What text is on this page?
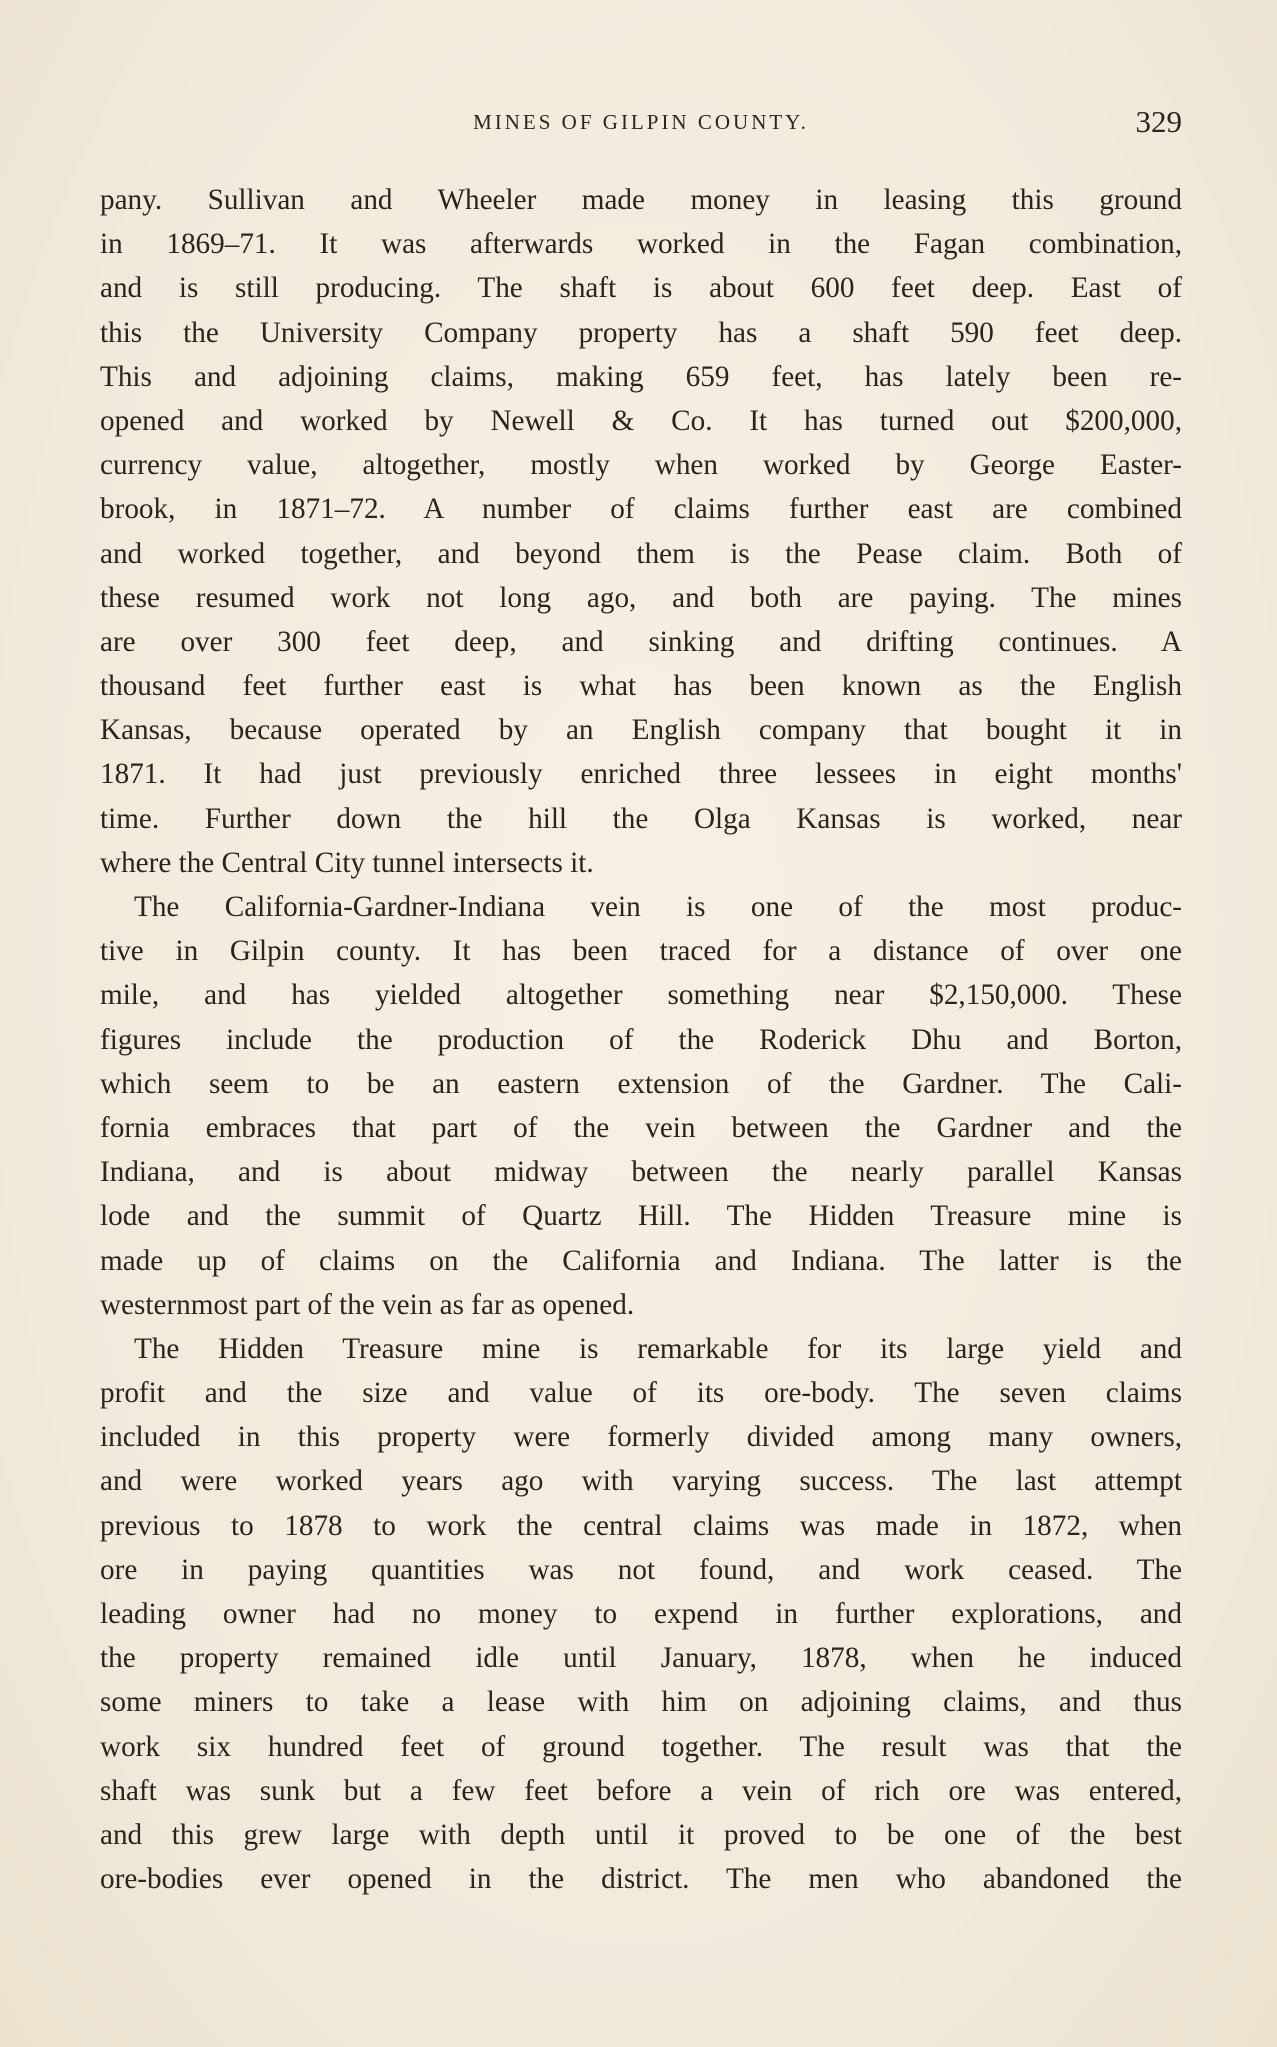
MINES OF GILPIN COUNTY.	329
pany. Sullivan and Wheeler made money in leasing this ground
in 1869–71. It was afterwards worked in the Fagan combination,
and is still producing. The shaft is about 600 feet deep. East of
this the University Company property has a shaft 590 feet deep.
This and adjoining claims, making 659 feet, has lately been re-
opened and worked by Newell & Co. It has turned out $200,000,
currency value, altogether, mostly when worked by George Easter-
brook, in 1871–72. A number of claims further east are combined
and worked together, and beyond them is the Pease claim. Both of
these resumed work not long ago, and both are paying. The mines
are over 300 feet deep, and sinking and drifting continues. A
thousand feet further east is what has been known as the English
Kansas, because operated by an English company that bought it in
1871. It had just previously enriched three lessees in eight months'
time. Further down the hill the Olga Kansas is worked, near
where the Central City tunnel intersects it.
The California-Gardner-Indiana vein is one of the most produc-
tive in Gilpin county. It has been traced for a distance of over one
mile, and has yielded altogether something near $2,150,000. These
figures include the production of the Roderick Dhu and Borton,
which seem to be an eastern extension of the Gardner. The Cali-
fornia embraces that part of the vein between the Gardner and the
Indiana, and is about midway between the nearly parallel Kansas
lode and the summit of Quartz Hill. The Hidden Treasure mine is
made up of claims on the California and Indiana. The latter is the
westernmost part of the vein as far as opened.
The Hidden Treasure mine is remarkable for its large yield and
profit and the size and value of its ore-body. The seven claims
included in this property were formerly divided among many owners,
and were worked years ago with varying success. The last attempt
previous to 1878 to work the central claims was made in 1872, when
ore in paying quantities was not found, and work ceased. The
leading owner had no money to expend in further explorations, and
the property remained idle until January, 1878, when he induced
some miners to take a lease with him on adjoining claims, and thus
work six hundred feet of ground together. The result was that the
shaft was sunk but a few feet before a vein of rich ore was entered,
and this grew large with depth until it proved to be one of the best
ore-bodies ever opened in the district. The men who abandoned the
